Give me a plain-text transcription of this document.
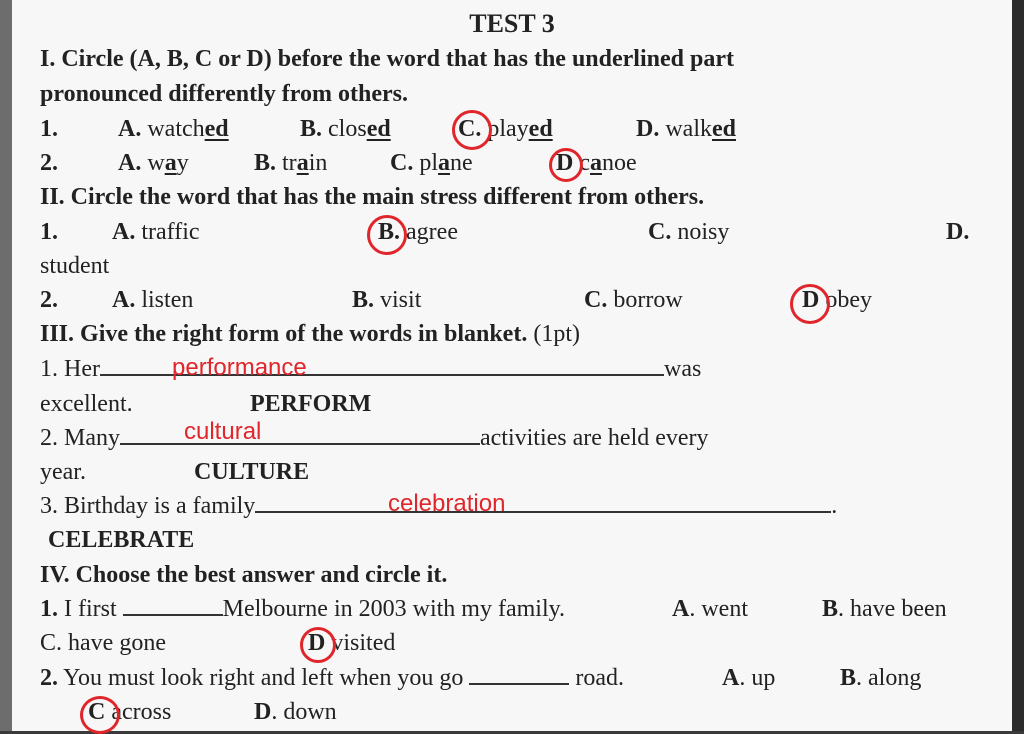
TEST 3
I. Circle (A, B, C or D) before the word that has the underlined part
pronounced differently from others.
1.	A. watched	B. closed	C. played	D. walked
2.	A. way	B. train	C. plane	D canoe
II. Circle the word that has the main stress different from others.
1. A. traffic	B. agree	C. noisy	D.
student
2. A. listen	B. visit	C. borrow	D obey
III. Give the right form of the words in blanket. (1pt)
1. Her	was
performance
excellent.	PERFORM
2. Many	activities are held every
cultural
year.	CULTURE
3. Birthday is a family	.
celebration
CELEBRATE
IV. Choose the best answer and circle it.
1. I first	Melbourne in 2003 with my family.	A. went	B. have been
C. have gone	D visited
2. You must look right and left when you go	road.	A. up	B. along
C across	D. down
